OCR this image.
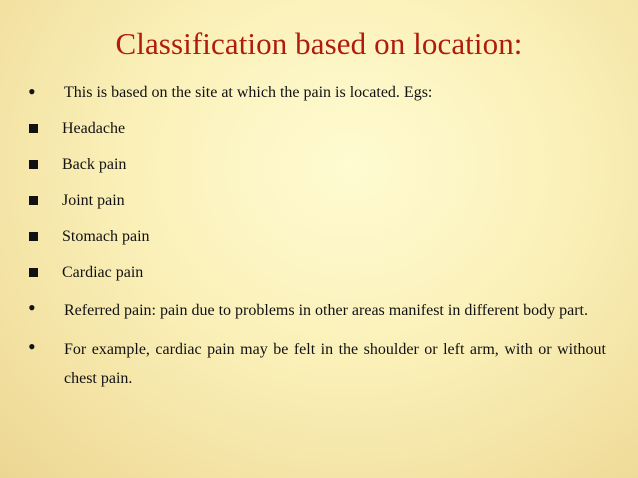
Classification based on location:
•	This is based on the site at which the pain is located. Egs:
Headache
Back pain
Joint pain
Stomach pain
Cardiac pain
•	Referred pain: pain due to problems in other areas manifest in different body part.
•	For example, cardiac pain may be felt in the shoulder or left arm, with or without chest pain.
